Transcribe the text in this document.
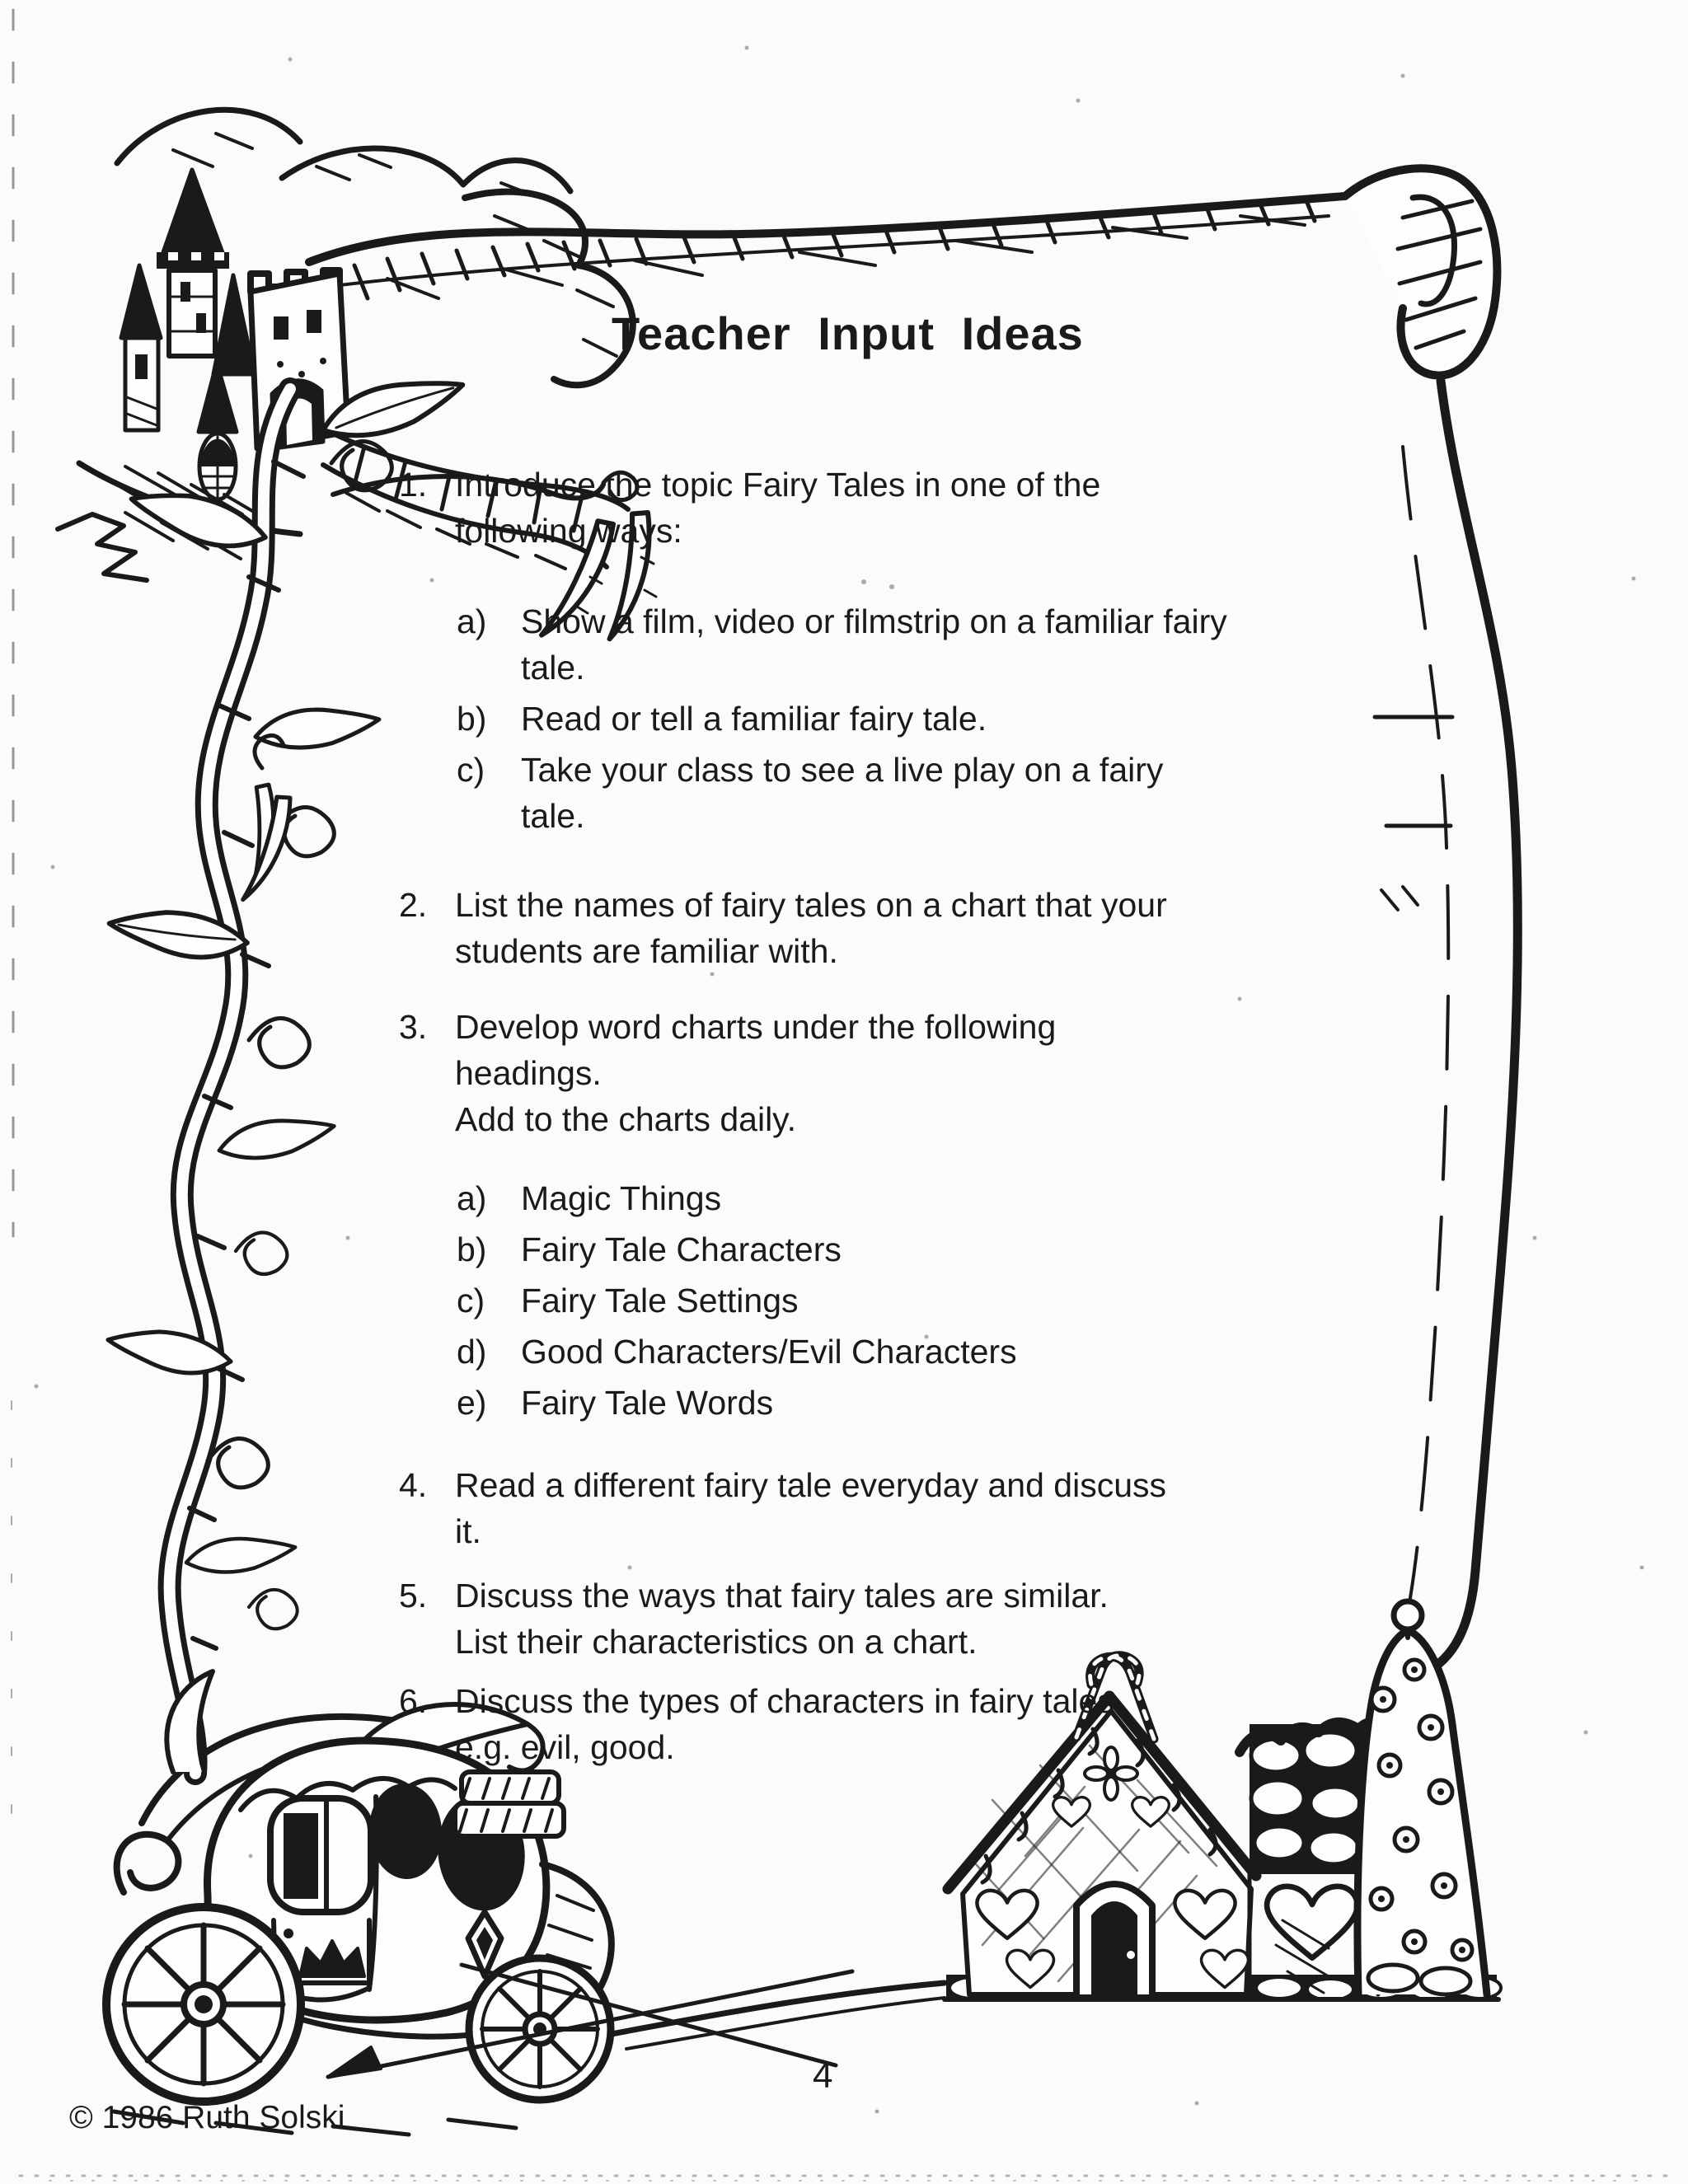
Teacher Input Ideas
1. Introduce the topic Fairy Tales in one of the
following ways:
a)	Show a film, video or filmstrip on a familiar fairy
tale.
b)	Read or tell a familiar fairy tale.
c)	Take your class to see a live play on a fairy
tale.
2. List the names of fairy tales on a chart that your
students are familiar with.
3. Develop word charts under the following
headings.
Add to the charts daily.
a)	Magic Things
b)	Fairy Tale Characters
c)	Fairy Tale Settings
d)	Good Characters/Evil Characters
e)	Fairy Tale Words
4. Read a different fairy tale everyday and discuss
it.
5. Discuss the ways that fairy tales are similar.
List their characteristics on a chart.
6. Discuss the types of characters in fairy tales.
e.g. evil, good.
© 1986 Ruth Solski
4
